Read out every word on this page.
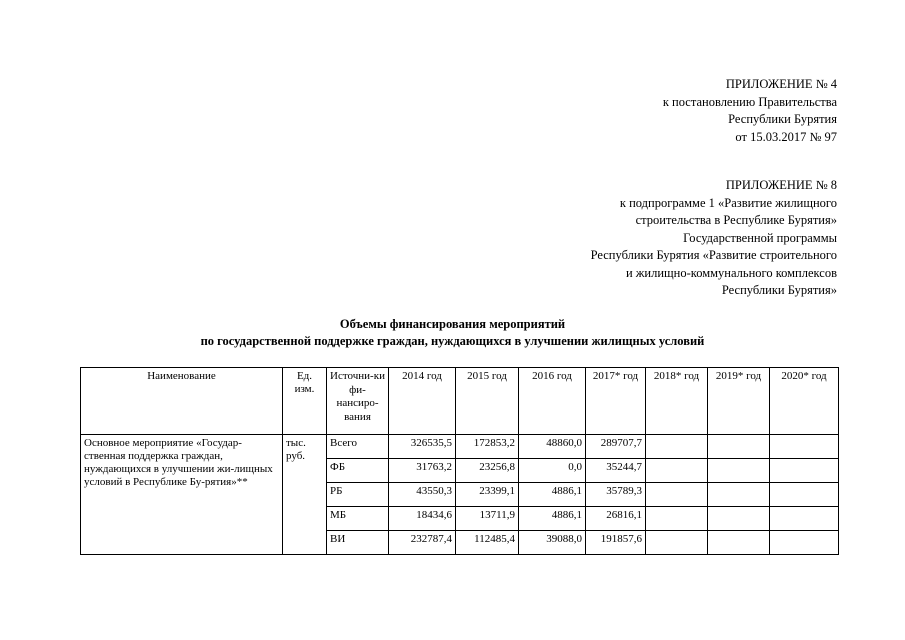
ПРИЛОЖЕНИЕ № 4
к постановлению Правительства
Республики Бурятия
от 15.03.2017 № 97
ПРИЛОЖЕНИЕ № 8
к подпрограмме 1 «Развитие жилищного
строительства в Республике Бурятия»
Государственной программы
Республики Бурятия «Развитие строительного
и жилищно-коммунального комплексов
Республики Бурятия»
Объемы финансирования мероприятий
по государственной поддержке граждан, нуждающихся в улучшении жилищных условий
Наименование	Ед. изм.	Источни-ки фи-нансиро-вания	2014 год	2015 год	2016 год	2017* год	2018* год	2019* год	2020* год
Основное мероприятие «Государ-ственная поддержка граждан, нуждающихся в улучшении жи-лищных условий в Республике Бу-рятия»**	тыс. руб.	Всего	326535,5	172853,2	48860,0	289707,7			
		ФБ	31763,2	23256,8	0,0	35244,7			
		РБ	43550,3	23399,1	4886,1	35789,3			
		МБ	18434,6	13711,9	4886,1	26816,1			
		ВИ	232787,4	112485,4	39088,0	191857,6			
